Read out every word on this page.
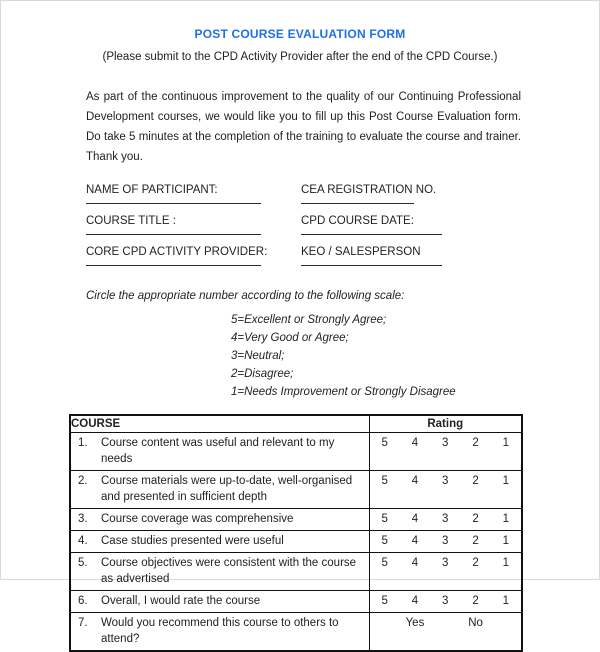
POST COURSE EVALUATION FORM
(Please submit to the CPD Activity Provider after the end of the CPD Course.)

As part of the continuous improvement to the quality of our Continuing Professional Development courses, we would like you to fill up this Post Course Evaluation form. Do take 5 minutes at the completion of the training to evaluate the course and trainer. Thank you.

NAME OF PARTICIPANT:	CEA REGISTRATION NO.
COURSE TITLE :	CPD COURSE DATE:
CORE CPD ACTIVITY PROVIDER:	KEO / SALESPERSON
Circle the appropriate number according to the following scale:
5=Excellent or Strongly Agree;
4=Very Good or Agree;
3=Neutral;
2=Disagree;
1=Needs Improvement or Strongly Disagree
COURSE	Rating

1. Course content was useful and relevant to my needs	5 4 3 2 1

2. Course materials were up-to-date, well-organised and presented in sufficient depth	5 4 3 2 1

3. Course coverage was comprehensive	5 4 3 2 1

4. Case studies presented were useful	5 4 3 2 1

5. Course objectives were consistent with the course as advertised	5 4 3 2 1

6. Overall, I would rate the course	5 4 3 2 1

7. Would you recommend this course to others to attend?	Yes No
